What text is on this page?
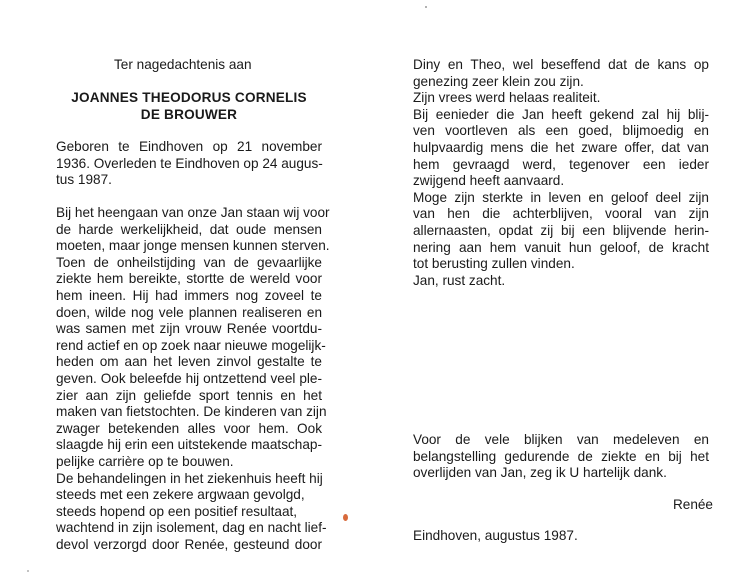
Ter nagedachtenis aan
JOANNES THEODORUS CORNELIS
DE BROUWER
Geboren te Eindhoven op 21 november
1936. Overleden te Eindhoven op 24 augus-
tus 1987.
Bij het heengaan van onze Jan staan wij voor
de harde werkelijkheid, dat oude mensen
moeten, maar jonge mensen kunnen sterven.
Toen de onheilstijding van de gevaarlijke
ziekte hem bereikte, stortte de wereld voor
hem ineen. Hij had immers nog zoveel te
doen, wilde nog vele plannen realiseren en
was samen met zijn vrouw Renée voortdu-
rend actief en op zoek naar nieuwe mogelijk-
heden om aan het leven zinvol gestalte te
geven. Ook beleefde hij ontzettend veel ple-
zier aan zijn geliefde sport tennis en het
maken van fietstochten. De kinderen van zijn
zwager betekenden alles voor hem. Ook
slaagde hij erin een uitstekende maatschap-
pelijke carrière op te bouwen.
De behandelingen in het ziekenhuis heeft hij
steeds met een zekere argwaan gevolgd,
steeds hopend op een positief resultaat,
wachtend in zijn isolement, dag en nacht lief-
devol verzorgd door Renée, gesteund door
Diny en Theo, wel beseffend dat de kans op
genezing zeer klein zou zijn.
Zijn vrees werd helaas realiteit.
Bij eenieder die Jan heeft gekend zal hij blij-
ven voortleven als een goed, blijmoedig en
hulpvaardig mens die het zware offer, dat van
hem gevraagd werd, tegenover een ieder
zwijgend heeft aanvaard.
Moge zijn sterkte in leven en geloof deel zijn
van hen die achterblijven, vooral van zijn
allernaasten, opdat zij bij een blijvende herin-
nering aan hem vanuit hun geloof, de kracht
tot berusting zullen vinden.
Jan, rust zacht.
Voor de vele blijken van medeleven en
belangstelling gedurende de ziekte en bij het
overlijden van Jan, zeg ik U hartelijk dank.
Renée
Eindhoven, augustus 1987.
